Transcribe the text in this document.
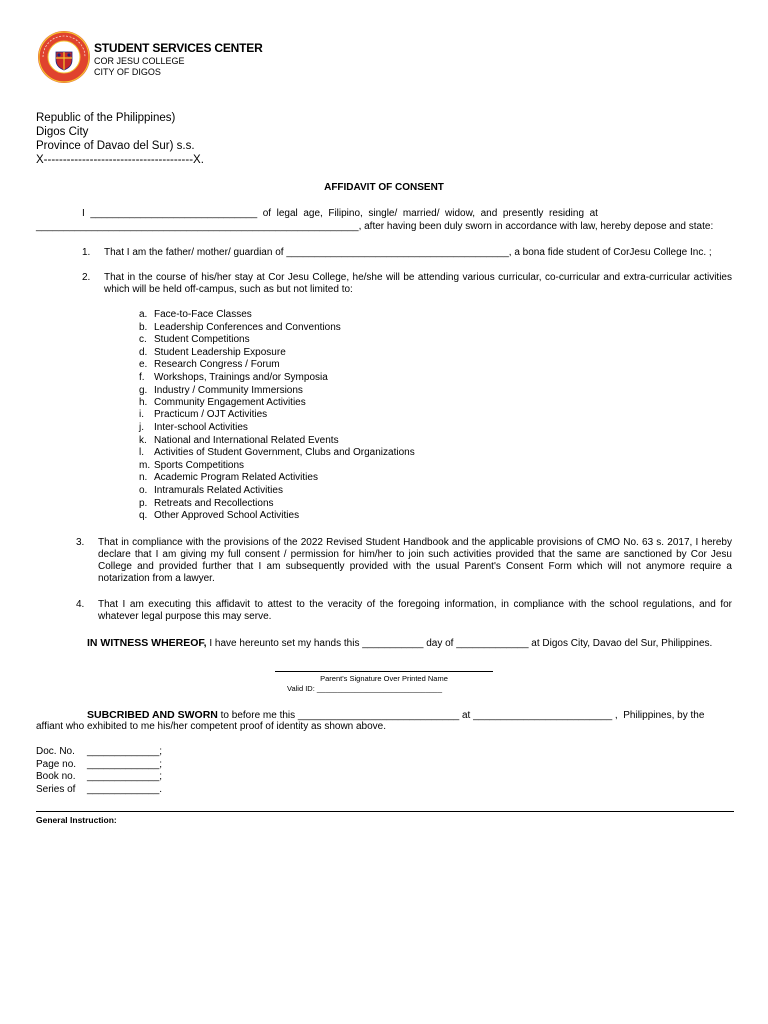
STUDENT SERVICES CENTER
COR JESU COLLEGE
CITY OF DIGOS
Republic of the Philippines)
Digos City
Province of Davao del Sur) s.s.
X---------------------------------------X.
AFFIDAVIT OF CONSENT
I  ______________________________  of  legal  age,  Filipino,  single/  married/  widow,  and  presently  residing  at
__________________________________________________________, after having been duly sworn in accordance with law, hereby depose and state:
1. That I am the father/ mother/ guardian of ________________________________________, a bona fide student of CorJesu College Inc. ;
2. That in the course of his/her stay at Cor Jesu College, he/she will be attending various curricular, co-curricular and extra-curricular activities which will be held off-campus, such as but not limited to:
a. Face-to-Face Classes
b. Leadership Conferences and Conventions
c. Student Competitions
d. Student Leadership Exposure
e. Research Congress / Forum
f. Workshops, Trainings and/or Symposia
g. Industry / Community Immersions
h. Community Engagement Activities
i. Practicum / OJT Activities
j. Inter-school Activities
k. National and International Related Events
l. Activities of Student Government, Clubs and Organizations
m. Sports Competitions
n. Academic Program Related Activities
o. Intramurals Related Activities
p. Retreats and Recollections
q. Other Approved School Activities
3. That in compliance with the provisions of the 2022 Revised Student Handbook and the applicable provisions of CMO No. 63 s. 2017, I hereby declare that I am giving my full consent / permission for him/her to join such activities provided that the same are sanctioned by Cor Jesu College and provided further that I am subsequently provided with the usual Parent's Consent Form which will not anymore require a notarization from a lawyer.
4. That I am executing this affidavit to attest to the veracity of the foregoing information, in compliance with the school regulations, and for whatever legal purpose this may serve.
IN WITNESS WHEREOF, I have hereunto set my hands this ___________ day of _____________ at Digos City, Davao del Sur, Philippines.
Parent's Signature Over Printed Name
Valid ID: ______________________________
SUBCRIBED AND SWORN to before me this _____________________________ at _________________________ ,  Philippines, by the
affiant who exhibited to me his/her competent proof of identity as shown above.
Doc. No. _____________;
Page no. _____________;
Book no. _____________;
Series of _____________.
General Instruction:
